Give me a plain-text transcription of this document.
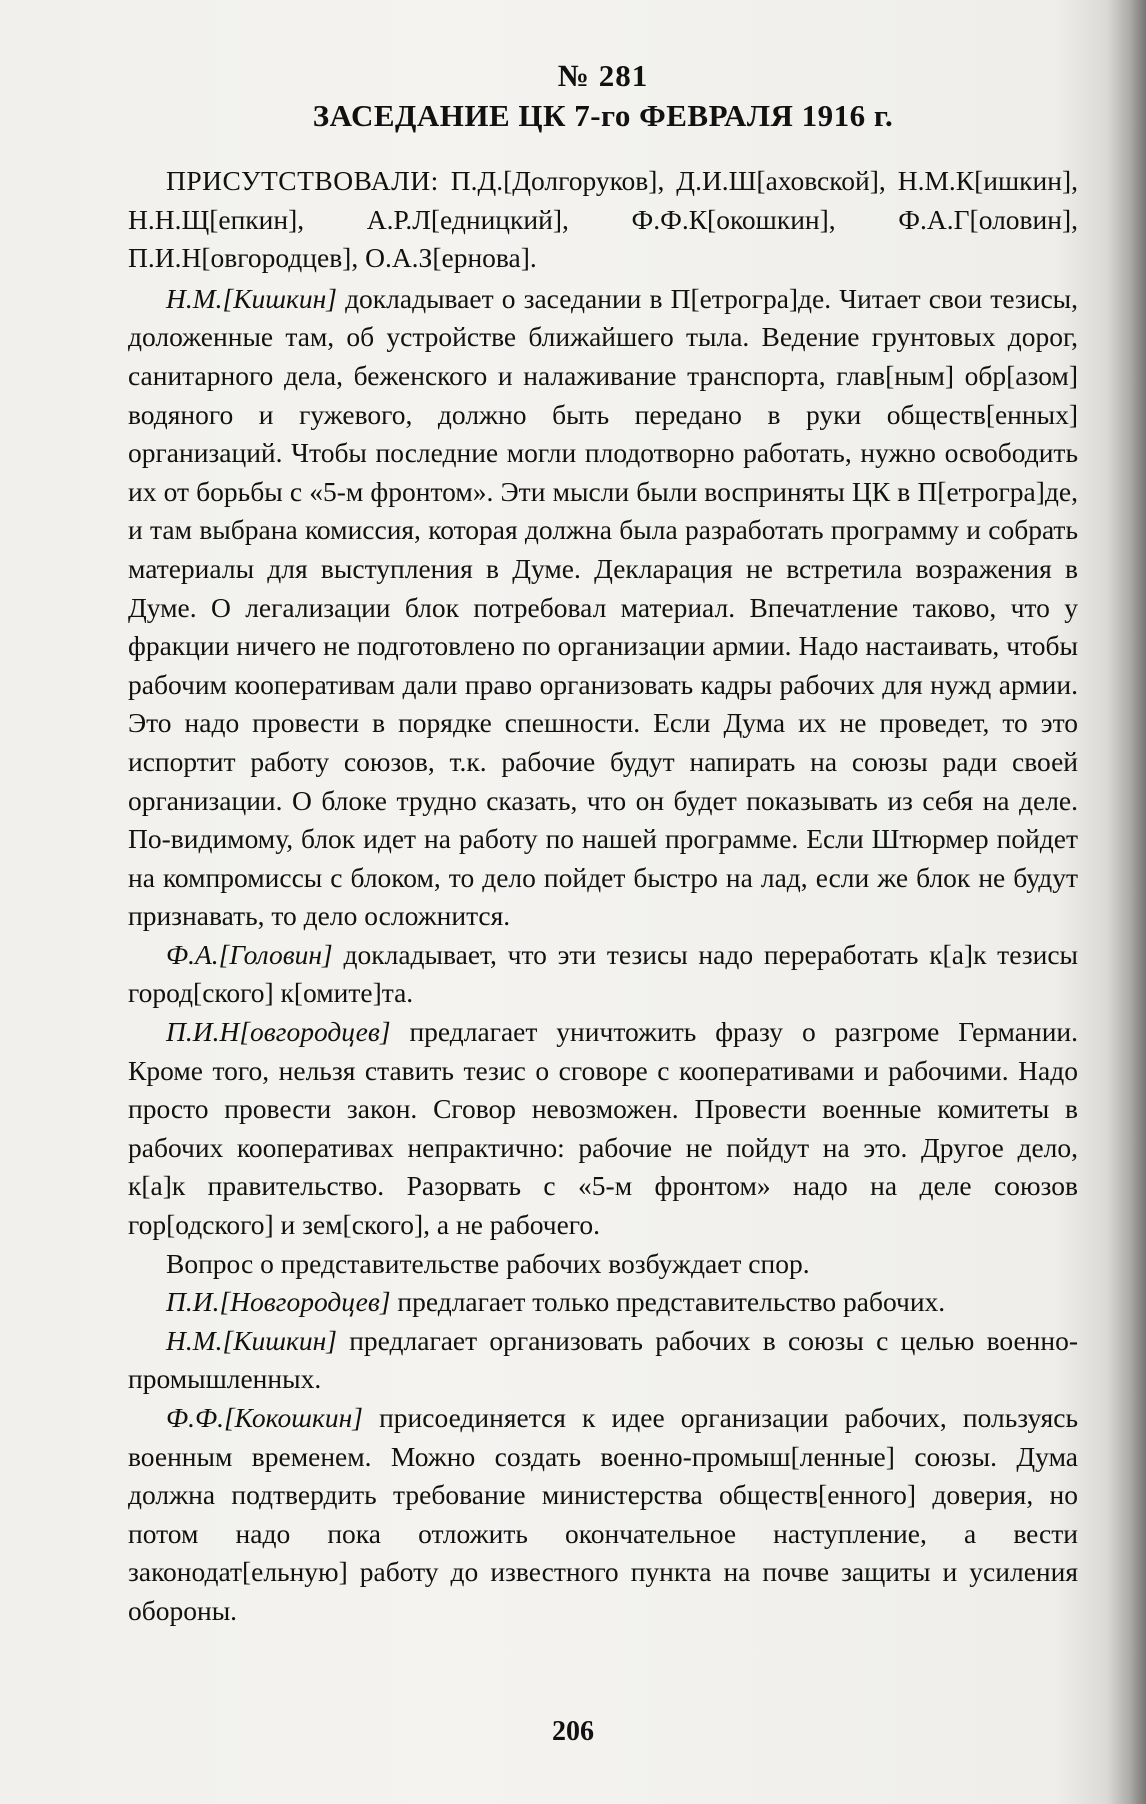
№ 281
ЗАСЕДАНИЕ ЦК 7-го ФЕВРАЛЯ 1916 г.

ПРИСУТСТВОВАЛИ: П.Д.[Долгоруков], Д.И.Ш[аховской], Н.М.К[ишкин], Н.Н.Щ[епкин], А.Р.Л[едницкий], Ф.Ф.К[окошкин], Ф.А.Г[оловин], П.И.Н[овгородцев], О.А.З[ернова].

Н.М.[Кишкин] докладывает о заседании в П[етрогра]де. Читает свои тезисы, доложенные там, об устройстве ближайшего тыла. Ведение грунтовых дорог, санитарного дела, беженского и налаживание транспорта, глав[ным] обр[азом] водяного и гужевого, должно быть передано в руки обществ[енных] организаций. Чтобы последние могли плодотворно работать, нужно освободить их от борьбы с «5-м фронтом». Эти мысли были восприняты ЦК в П[етрогра]де, и там выбрана комиссия, которая должна была разработать программу и собрать материалы для выступления в Думе. Декларация не встретила возражения в Думе. О легализации блок потребовал материал. Впечатление таково, что у фракции ничего не подготовлено по организации армии. Надо настаивать, чтобы рабочим кооперативам дали право организовать кадры рабочих для нужд армии. Это надо провести в порядке спешности. Если Дума их не проведет, то это испортит работу союзов, т.к. рабочие будут напирать на союзы ради своей организации. О блоке трудно сказать, что он будет показывать из себя на деле. По-видимому, блок идет на работу по нашей программе. Если Штюрмер пойдет на компромиссы с блоком, то дело пойдет быстро на лад, если же блок не будут признавать, то дело осложнится.

Ф.А.[Головин] докладывает, что эти тезисы надо переработать к[а]к тезисы город[ского] к[омите]та.

П.И.Н[овгородцев] предлагает уничтожить фразу о разгроме Германии. Кроме того, нельзя ставить тезис о сговоре с кооперативами и рабочими. Надо просто провести закон. Сговор невозможен. Провести военные комитеты в рабочих кооперативах непрактично: рабочие не пойдут на это. Другое дело, к[а]к правительство. Разорвать с «5-м фронтом» надо на деле союзов гор[одского] и зем[ского], а не рабочего.

Вопрос о представительстве рабочих возбуждает спор.

П.И.[Новгородцев] предлагает только представительство рабочих.

Н.М.[Кишкин] предлагает организовать рабочих в союзы с целью военно-промышленных.

Ф.Ф.[Кокошкин] присоединяется к идее организации рабочих, пользуясь военным временем. Можно создать военно-промыш[ленные] союзы. Дума должна подтвердить требование министерства обществ[енного] доверия, но потом надо пока отложить окончательное наступление, а вести законодат[ельную] работу до известного пункта на почве защиты и усиления обороны.

206
